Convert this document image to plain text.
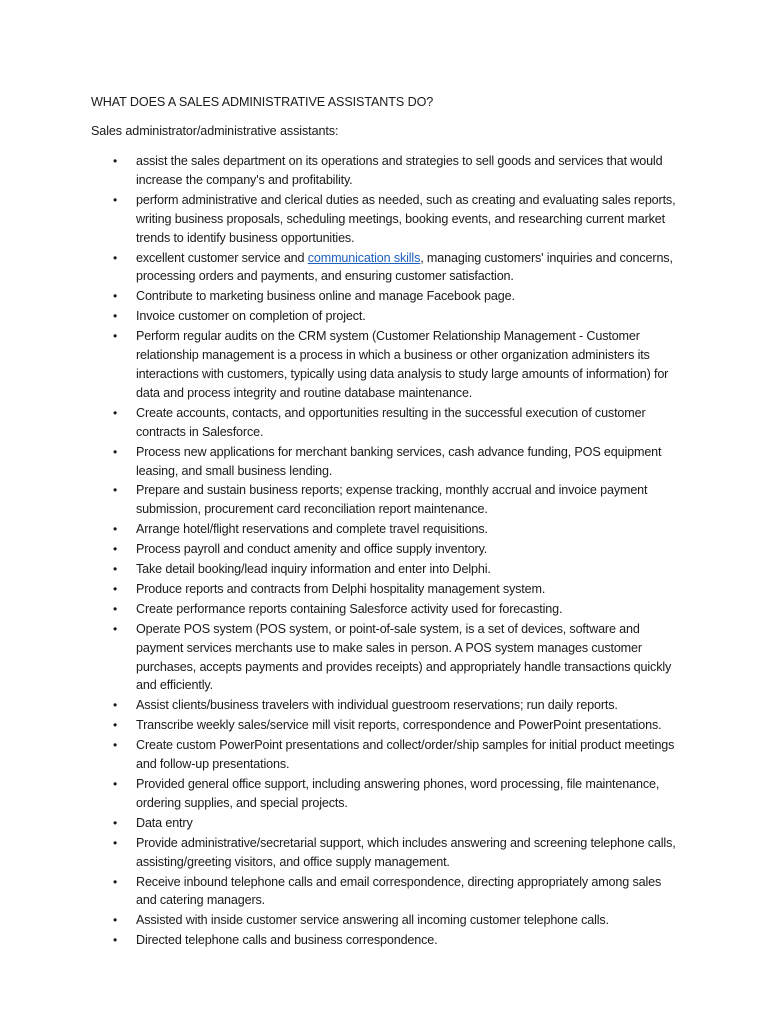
WHAT DOES A SALES ADMINISTRATIVE ASSISTANTS DO?
Sales administrator/administrative assistants:
• assist the sales department on its operations and strategies to sell goods and services that would increase the company's and profitability.
• perform administrative and clerical duties as needed, such as creating and evaluating sales reports, writing business proposals, scheduling meetings, booking events, and researching current market trends to identify business opportunities.
• excellent customer service and communication skills, managing customers' inquiries and concerns, processing orders and payments, and ensuring customer satisfaction.
• Contribute to marketing business online and manage Facebook page.
• Invoice customer on completion of project.
• Perform regular audits on the CRM system (Customer Relationship Management - Customer relationship management is a process in which a business or other organization administers its interactions with customers, typically using data analysis to study large amounts of information) for data and process integrity and routine database maintenance.
• Create accounts, contacts, and opportunities resulting in the successful execution of customer contracts in Salesforce.
• Process new applications for merchant banking services, cash advance funding, POS equipment leasing, and small business lending.
• Prepare and sustain business reports; expense tracking, monthly accrual and invoice payment submission, procurement card reconciliation report maintenance.
• Arrange hotel/flight reservations and complete travel requisitions.
• Process payroll and conduct amenity and office supply inventory.
• Take detail booking/lead inquiry information and enter into Delphi.
• Produce reports and contracts from Delphi hospitality management system.
• Create performance reports containing Salesforce activity used for forecasting.
• Operate POS system (POS system, or point-of-sale system, is a set of devices, software and payment services merchants use to make sales in person. A POS system manages customer purchases, accepts payments and provides receipts) and appropriately handle transactions quickly and efficiently.
• Assist clients/business travelers with individual guestroom reservations; run daily reports.
• Transcribe weekly sales/service mill visit reports, correspondence and PowerPoint presentations.
• Create custom PowerPoint presentations and collect/order/ship samples for initial product meetings and follow-up presentations.
• Provided general office support, including answering phones, word processing, file maintenance, ordering supplies, and special projects.
• Data entry
• Provide administrative/secretarial support, which includes answering and screening telephone calls, assisting/greeting visitors, and office supply management.
• Receive inbound telephone calls and email correspondence, directing appropriately among sales and catering managers.
• Assisted with inside customer service answering all incoming customer telephone calls.
• Directed telephone calls and business correspondence.
